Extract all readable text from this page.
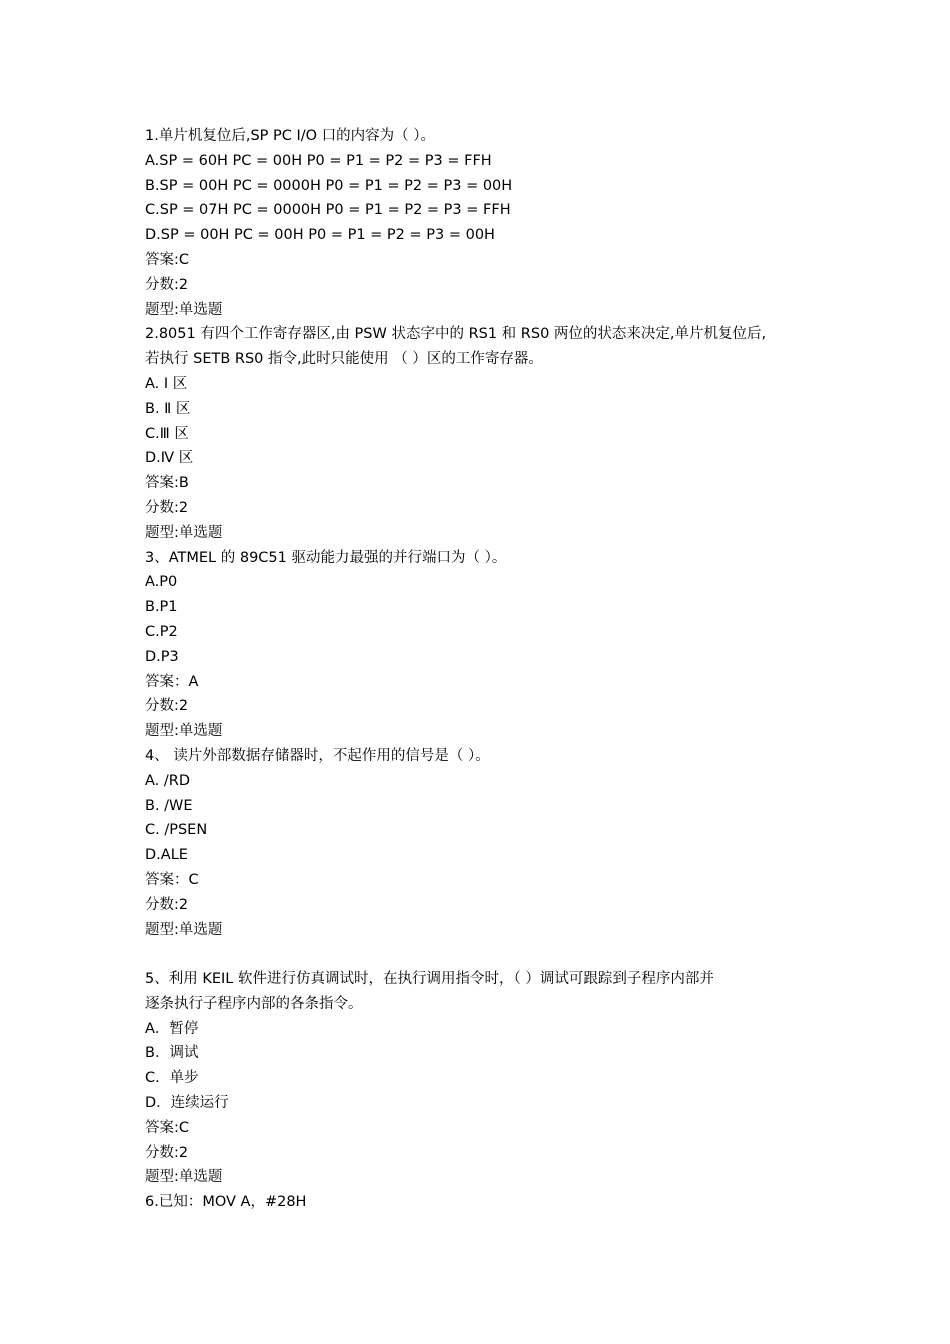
1.单片机复位后,SP PC I/O 口的内容为（ ）。
A.SP = 60H PC = 00H P0 = P1 = P2 = P3 = FFH
B.SP = 00H PC = 0000H P0 = P1 = P2 = P3 = 00H
C.SP = 07H PC = 0000H P0 = P1 = P2 = P3 = FFH
D.SP = 00H PC = 00H P0 = P1 = P2 = P3 = 00H
答案:C
分数:2
题型:单选题
2.8051 有四个工作寄存器区,由 PSW 状态字中的 RS1 和 RS0 两位的状态来决定,单片机复位后,
若执行 SETB RS0 指令,此时只能使用 （ ）区的工作寄存器。
A. Ⅰ 区
B. Ⅱ 区
C.Ⅲ 区
D.Ⅳ 区
答案:B
分数:2
题型:单选题
3、ATMEL 的 89C51 驱动能力最强的并行端口为（ ）。
A.P0
B.P1
C.P2
D.P3
答案：A
分数:2
题型:单选题
4、 读片外部数据存储器时，不起作用的信号是（ ）。
A. /RD
B. /WE
C. /PSEN
D.ALE
答案：C
分数:2
题型:单选题
5、利用 KEIL 软件进行仿真调试时，在执行调用指令时，（ ）调试可跟踪到子程序内部并
逐条执行子程序内部的各条指令。
A．暂停
B．调试
C．单步
D．连续运行
答案:C
分数:2
题型:单选题
6.已知：MOV A，#28H
